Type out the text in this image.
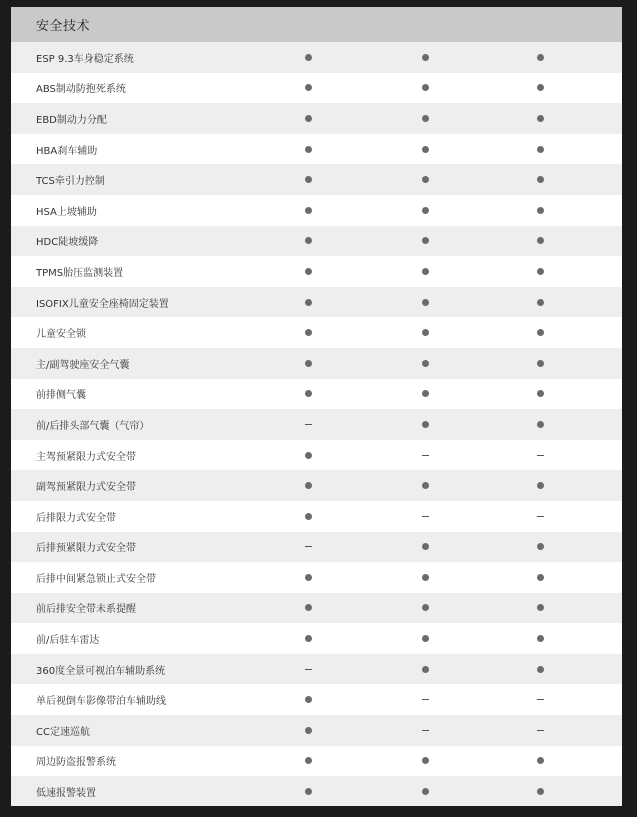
安全技术
ESP 9.3车身稳定系统
ABS制动防抱死系统
EBD制动力分配
HBA刹车辅助
TCS牵引力控制
HSA上坡辅助
HDC陡坡缓降
TPMS胎压监测装置
ISOFIX儿童安全座椅固定装置
儿童安全锁
主/副驾驶座安全气囊
前排侧气囊
前/后排头部气囊（气帘）
主驾预紧限力式安全带
副驾预紧限力式安全带
后排限力式安全带
后排预紧限力式安全带
后排中间紧急锁止式安全带
前后排安全带未系提醒
前/后驻车雷达
360度全景可视泊车辅助系统
单后视倒车影像带泊车辅助线
CC定速巡航
周边防盗报警系统
低速报警装置
